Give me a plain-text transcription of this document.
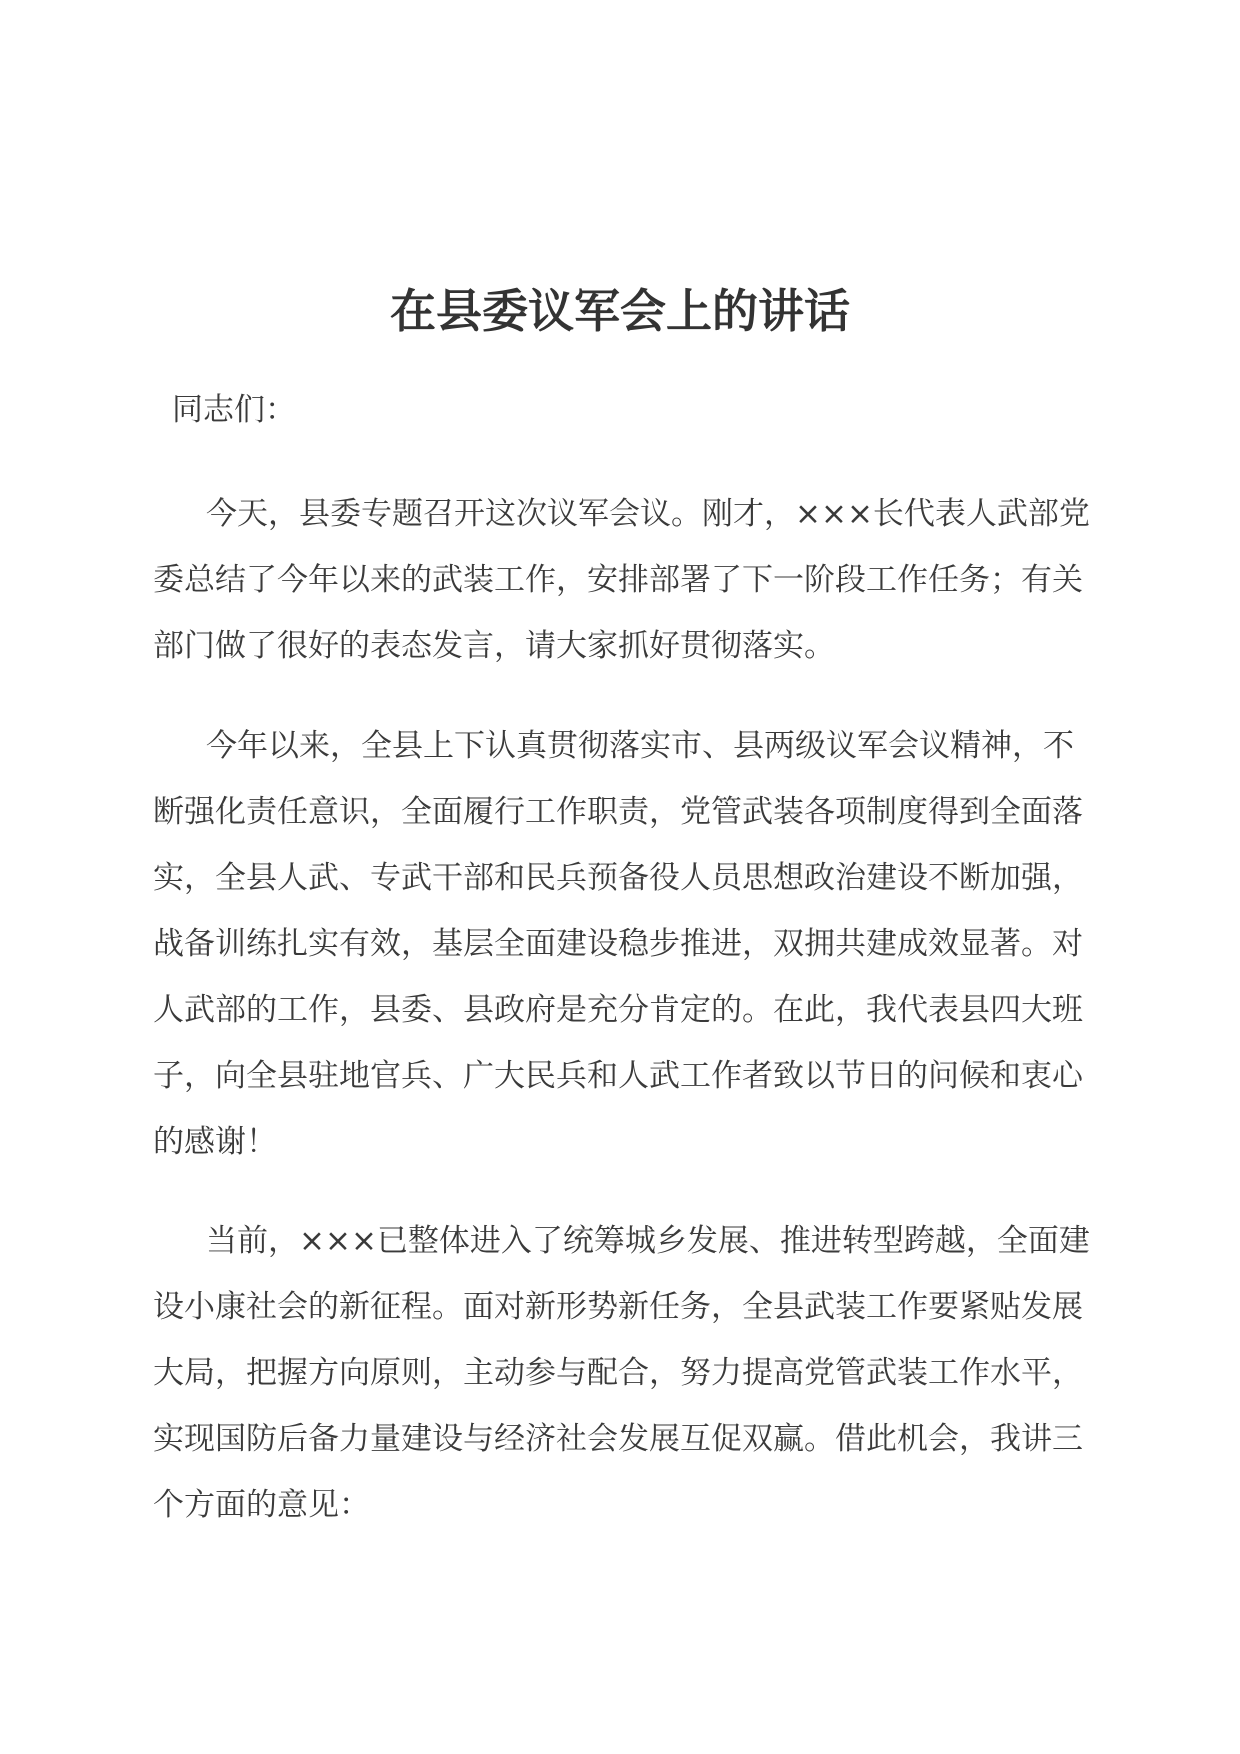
在县委议军会上的讲话

同志们：

今天，县委专题召开这次议军会议。刚才，×××长代表人武部党委总结了今年以来的武装工作，安排部署了下一阶段工作任务；有关部门做了很好的表态发言，请大家抓好贯彻落实。

今年以来，全县上下认真贯彻落实市、县两级议军会议精神，不断强化责任意识，全面履行工作职责，党管武装各项制度得到全面落实，全县人武、专武干部和民兵预备役人员思想政治建设不断加强，战备训练扎实有效，基层全面建设稳步推进，双拥共建成效显著。对人武部的工作，县委、县政府是充分肯定的。在此，我代表县四大班子，向全县驻地官兵、广大民兵和人武工作者致以节日的问候和衷心的感谢！

当前，×××已整体进入了统筹城乡发展、推进转型跨越，全面建设小康社会的新征程。面对新形势新任务，全县武装工作要紧贴发展大局，把握方向原则，主动参与配合，努力提高党管武装工作水平，实现国防后备力量建设与经济社会发展互促双赢。借此机会，我讲三个方面的意见：
